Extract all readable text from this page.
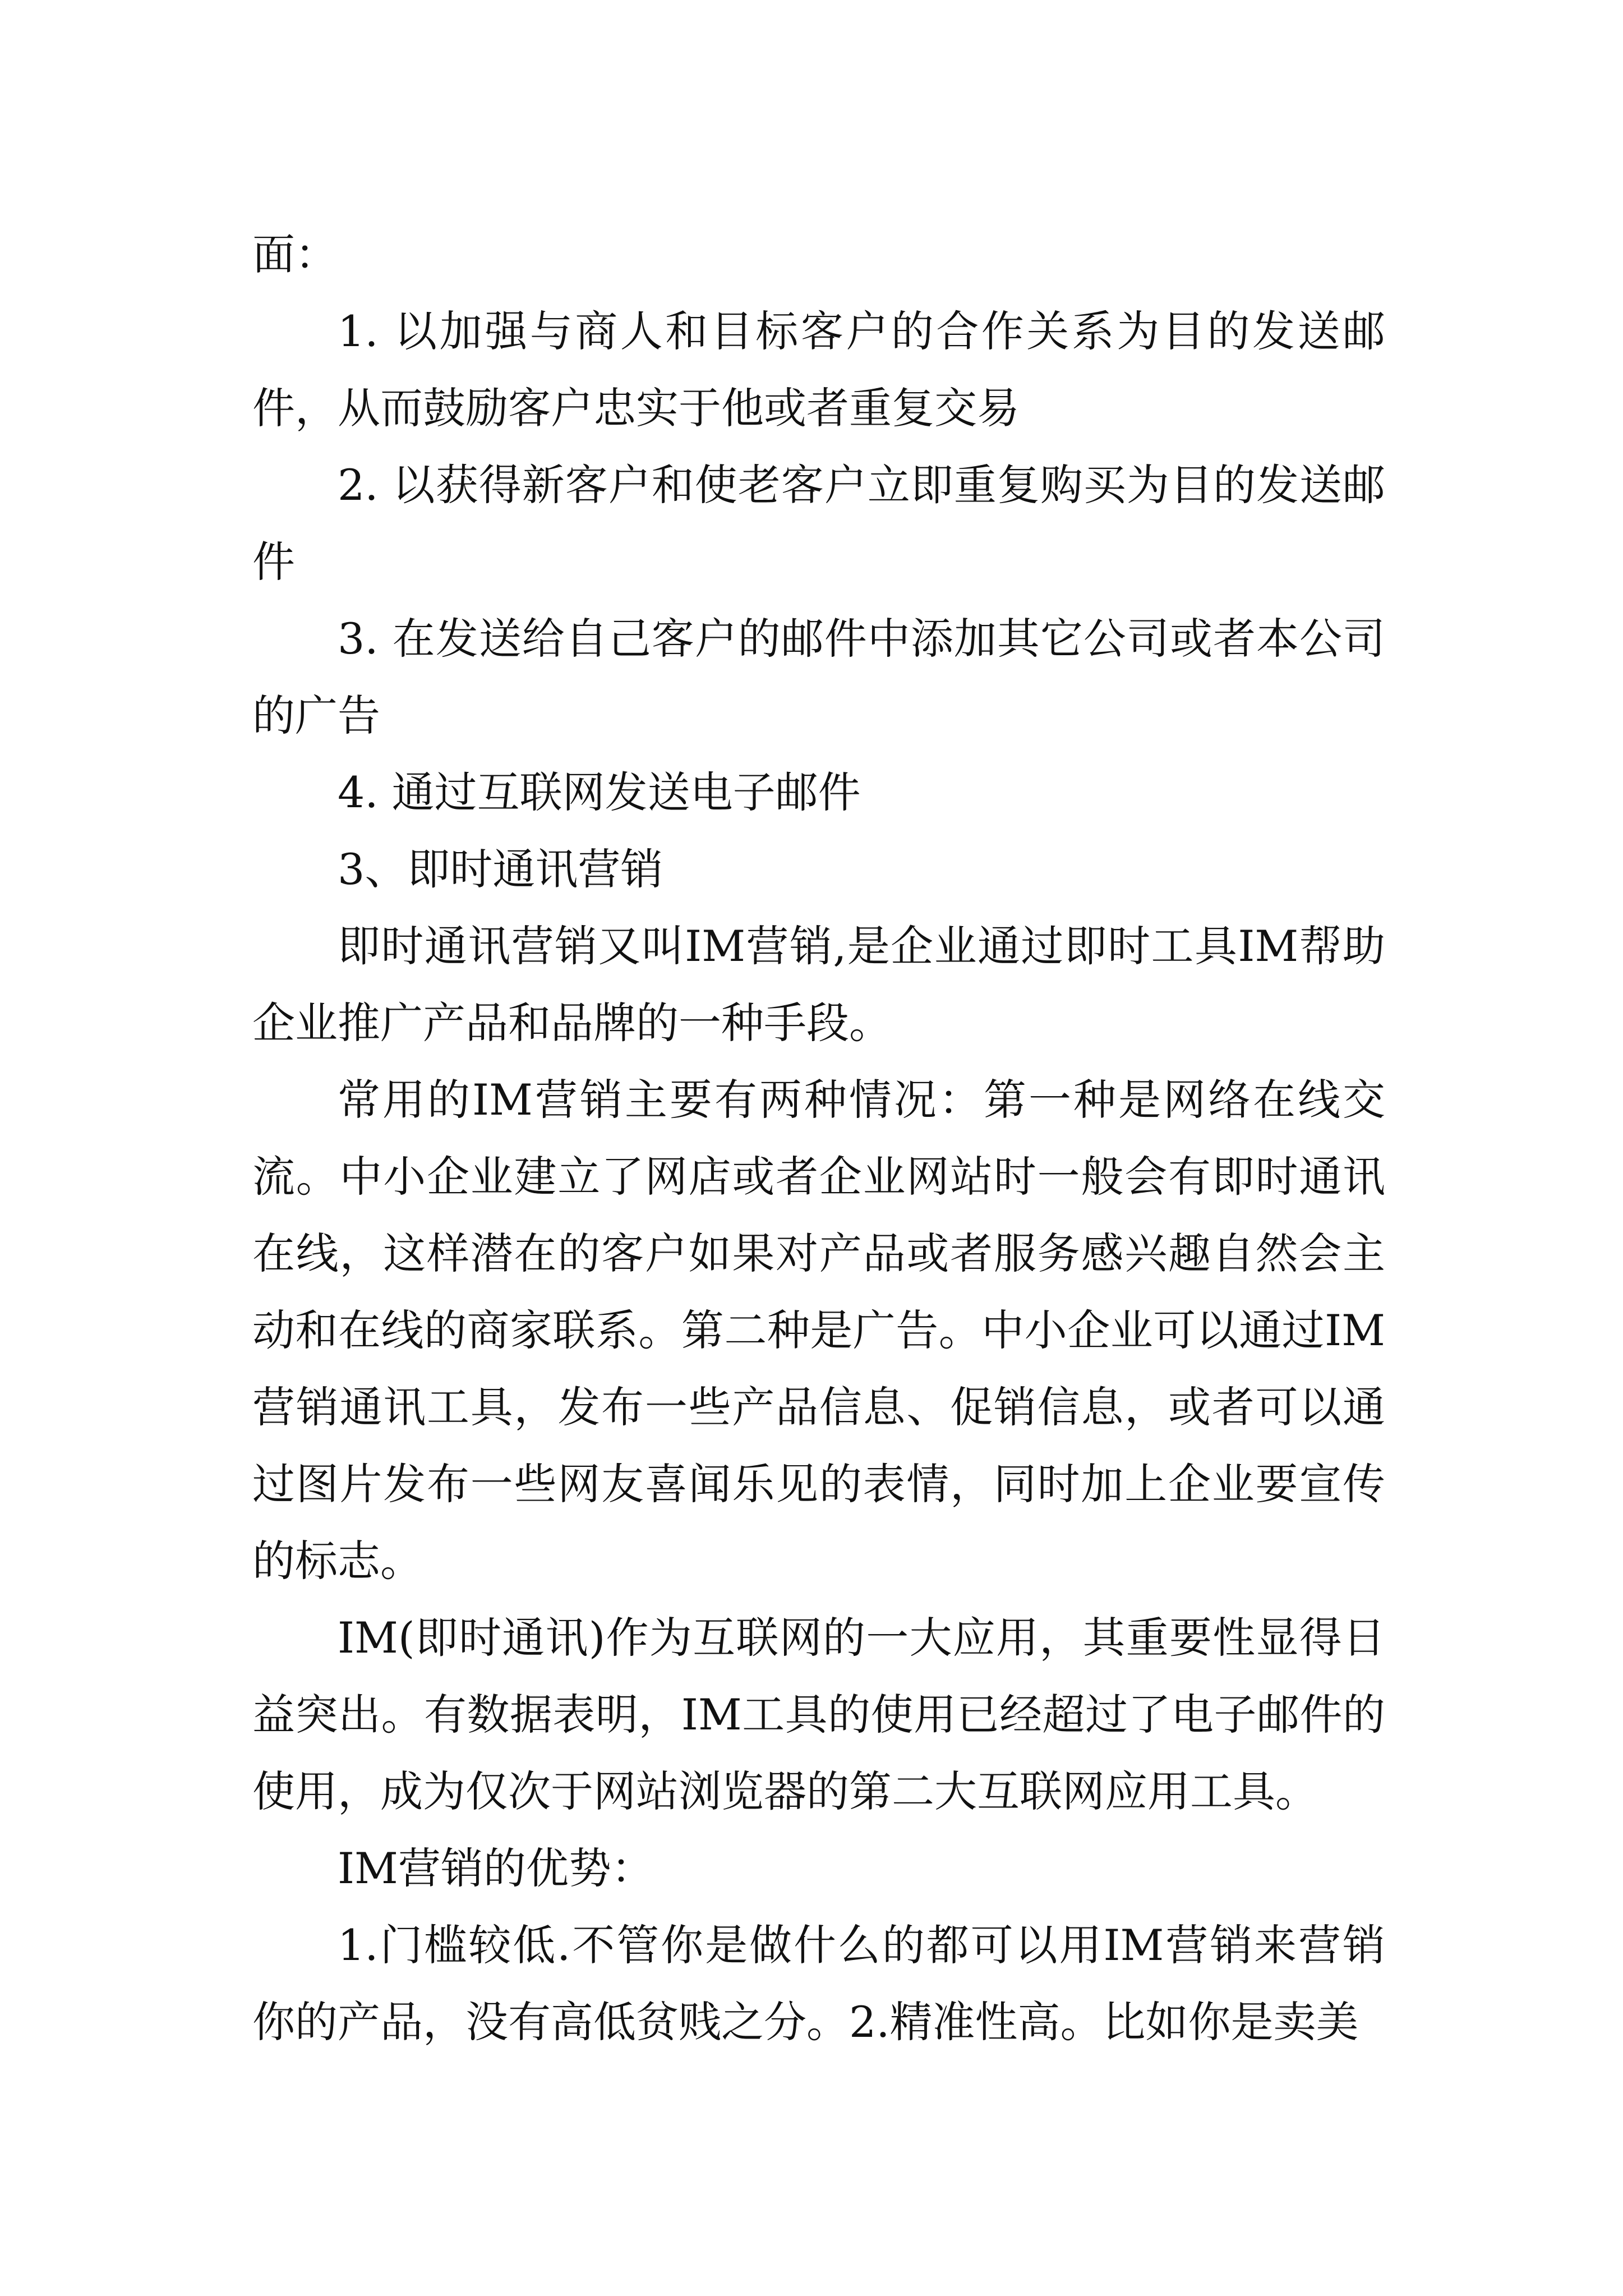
面：

1. 以加强与商人和目标客户的合作关系为目的发送邮件，从而鼓励客户忠实于他或者重复交易

2. 以获得新客户和使老客户立即重复购买为目的发送邮件

3. 在发送给自己客户的邮件中添加其它公司或者本公司的广告

4. 通过互联网发送电子邮件

3、即时通讯营销

即时通讯营销又叫IM营销,是企业通过即时工具IM帮助企业推广产品和品牌的一种手段。

常用的IM营销主要有两种情况：第一种是网络在线交流。中小企业建立了网店或者企业网站时一般会有即时通讯在线，这样潜在的客户如果对产品或者服务感兴趣自然会主动和在线的商家联系。第二种是广告。中小企业可以通过IM营销通讯工具，发布一些产品信息、促销信息，或者可以通过图片发布一些网友喜闻乐见的表情，同时加上企业要宣传的标志。

IM(即时通讯)作为互联网的一大应用，其重要性显得日益突出。有数据表明，IM工具的使用已经超过了电子邮件的使用，成为仅次于网站浏览器的第二大互联网应用工具。

IM营销的优势：

1.门槛较低.不管你是做什么的都可以用IM营销来营销你的产品，没有高低贫贱之分。2.精准性高。比如你是卖美
